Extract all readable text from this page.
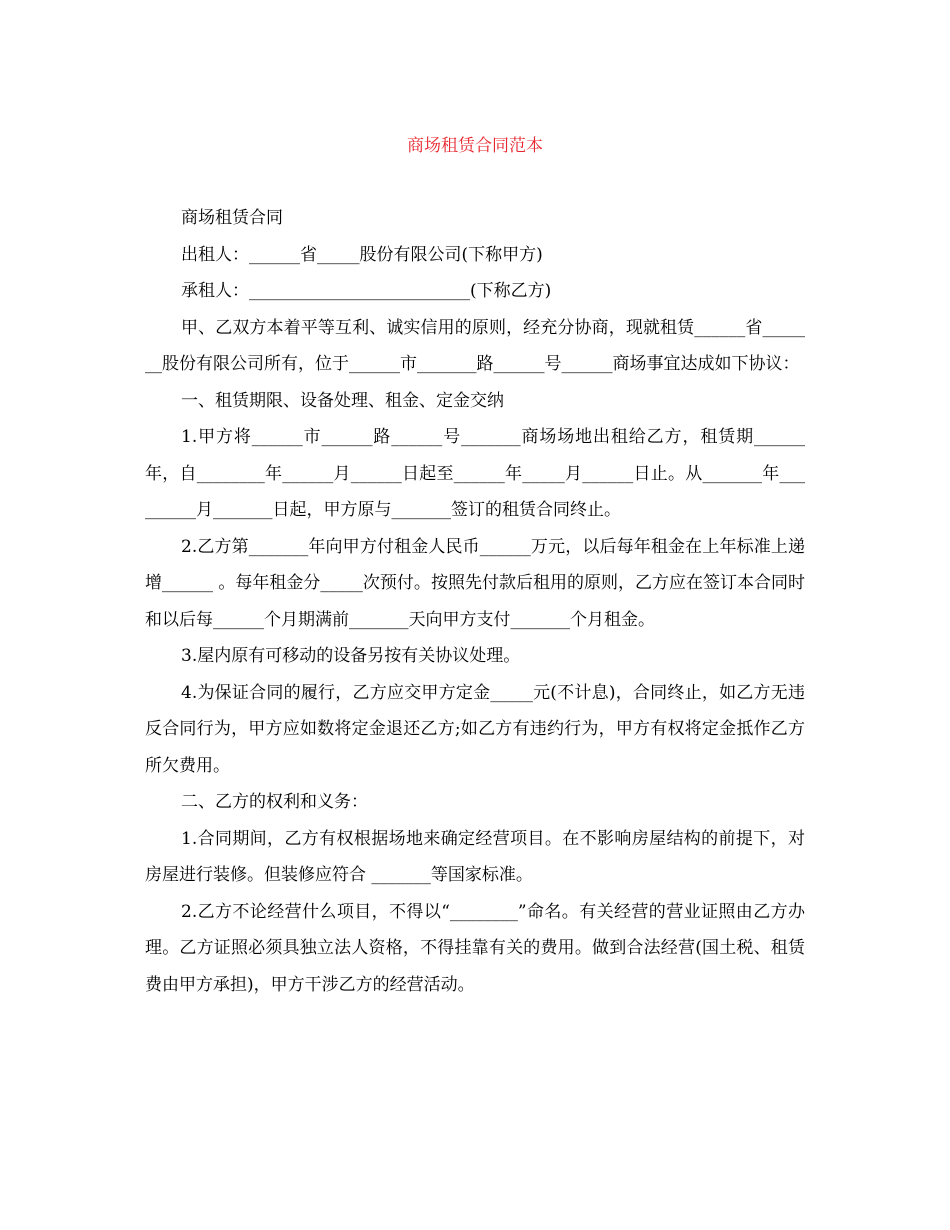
商场租赁合同范本

商场租赁合同

出租人：______省_____股份有限公司(下称甲方)

承租人：__________________________(下称乙方)

甲、乙双方本着平等互利、诚实信用的原则，经充分协商，现就租赁______省_______股份有限公司所有，位于______市_______路______号______商场事宜达成如下协议：

一、租赁期限、设备处理、租金、定金交纳

1.甲方将______市______路______号_______商场场地出租给乙方，租赁期______年，自________年______月______日起至______年_____月______日止。从_______年_________月_______日起，甲方原与_______签订的租赁合同终止。

2.乙方第_______年向甲方付租金人民币______万元，以后每年租金在上年标准上递增______ 。每年租金分_____次预付。按照先付款后租用的原则，乙方应在签订本合同时和以后每______个月期满前_______天向甲方支付_______个月租金。

3.屋内原有可移动的设备另按有关协议处理。

4.为保证合同的履行，乙方应交甲方定金_____元(不计息)，合同终止，如乙方无违反合同行为，甲方应如数将定金退还乙方;如乙方有违约行为，甲方有权将定金抵作乙方所欠费用。

二、乙方的权利和义务：

1.合同期间，乙方有权根据场地来确定经营项目。在不影响房屋结构的前提下，对房屋进行装修。但装修应符合 _______等国家标准。

2.乙方不论经营什么项目，不得以“________”命名。有关经营的营业证照由乙方办理。乙方证照必须具独立法人资格，不得挂靠有关的费用。做到合法经营(国土税、租赁费由甲方承担)，甲方干涉乙方的经营活动。
